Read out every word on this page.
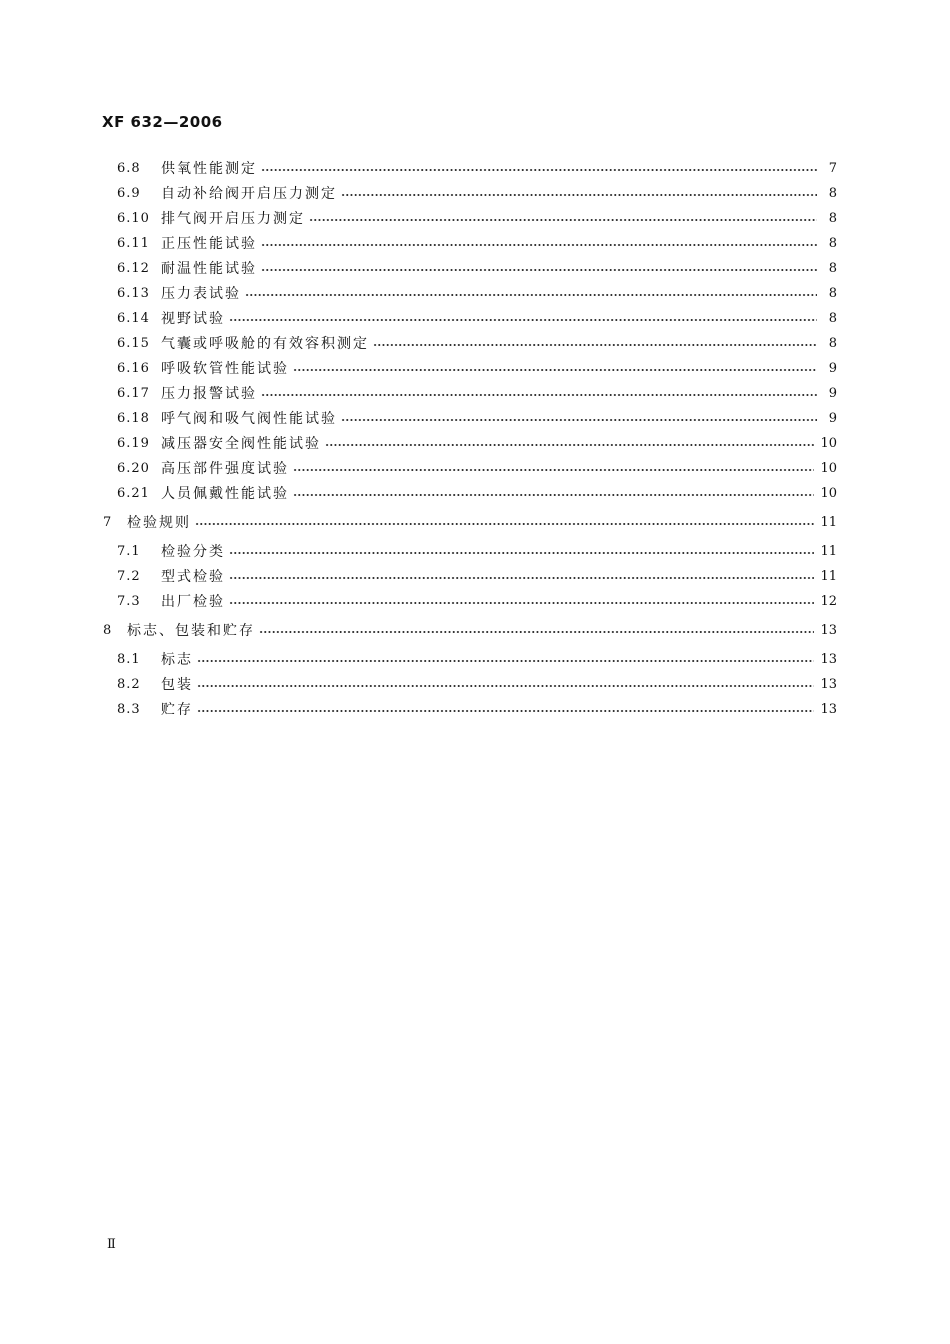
XF 632—2006
6.8	供氧性能测定	7
6.9	自动补给阀开启压力测定	8
6.10 排气阀开启压力测定	8
6.11 正压性能试验	8
6.12 耐温性能试验	8
6.13 压力表试验	8
6.14 视野试验	8
6.15 气囊或呼吸舱的有效容积测定	8
6.16 呼吸软管性能试验	9
6.17 压力报警试验	9
6.18 呼气阀和吸气阀性能试验	9
6.19 减压器安全阀性能试验	10
6.20 高压部件强度试验	10
6.21 人员佩戴性能试验	10
7	检验规则	11
7.1	检验分类	11
7.2	型式检验	11
7.3	出厂检验	12
8	标志、包装和贮存	13
8.1	标志	13
8.2	包装	13
8.3	贮存	13
Ⅱ
